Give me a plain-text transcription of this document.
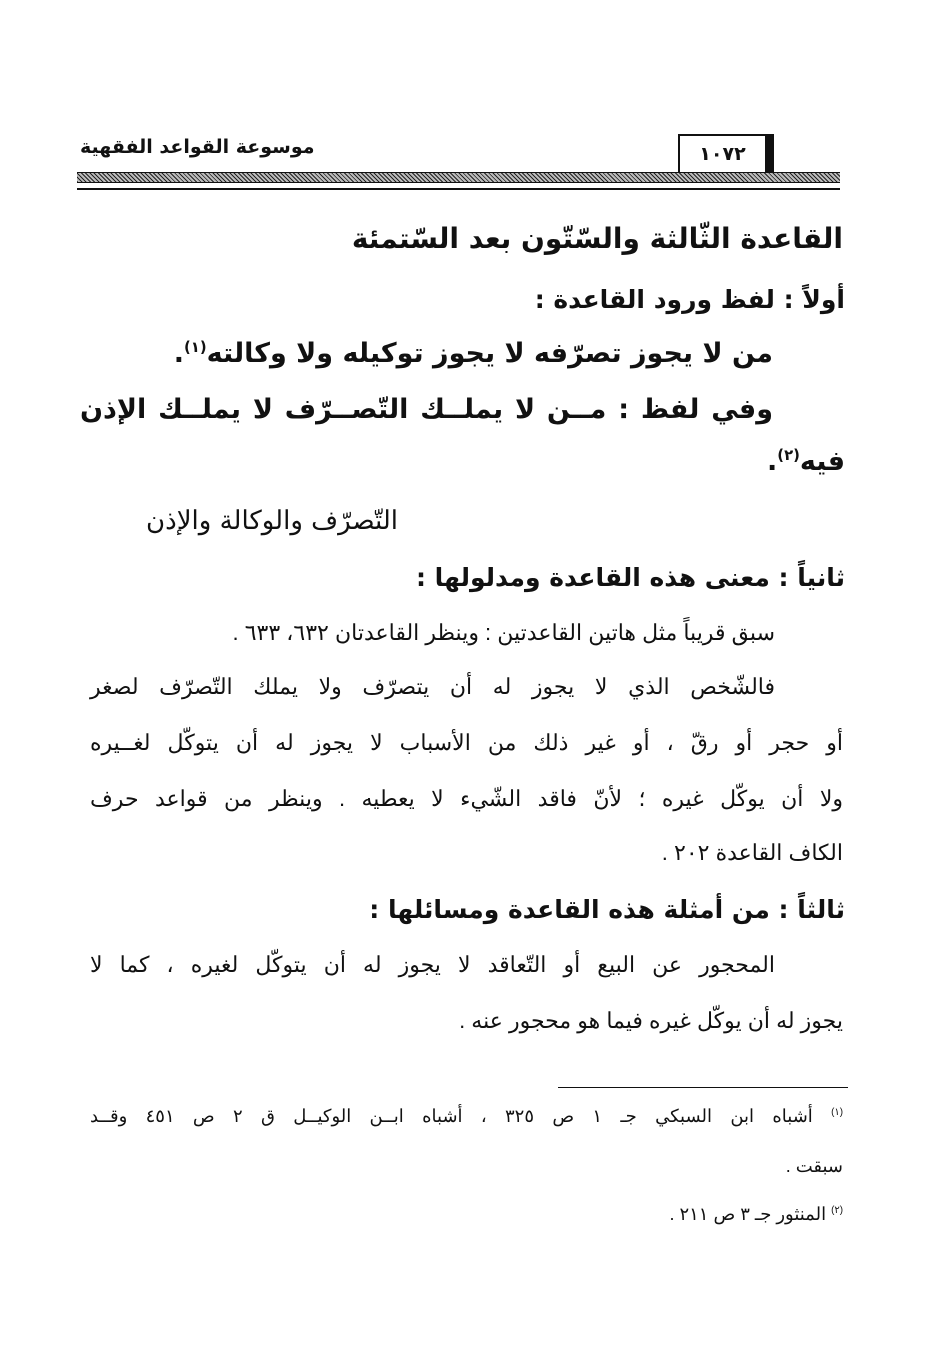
موسوعة القواعد الفقهية	١٠٧٢
القاعدة الثّالثة والسّتّون بعد السّتمئة
أولاً : لفظ ورود القاعدة :
من لا يجوز تصرّفه لا يجوز توكيله ولا وكالته$^{(١)}$.
وفي لفظ : مــن لا يملــك التّصــرّف لا يملــك الإذن
فيه$^{(٢)}$.
التّصرّف والوكالة والإذن
ثانياً : معنى هذه القاعدة ومدلولها :
سبق قريباً مثل هاتين القاعدتين : وينظر القاعدتان ٦٣٢، ٦٣٣ .
فالشّخص الذي لا يجوز له أن يتصرّف ولا يملك التّصرّف لصغر
أو حجر أو رقّ ، أو غير ذلك من الأسباب لا يجوز له أن يتوكّل لغــيره
ولا أن يوكّل غيره ؛ لأنّ فاقد الشّيء لا يعطيه . وينظر من قواعد حرف
الكاف القاعدة ٢٠٢ .
ثالثاً : من أمثلة هذه القاعدة ومسائلها :
المحجور عن البيع أو التّعاقد لا يجوز له أن يتوكّل لغيره ، كما لا
يجوز له أن يوكّل غيره فيما هو محجور عنه .
$^{(١)}$ أشباه ابن السبكي جـ ١ ص ٣٢٥ ، أشباه ابــن الوكيــل ق ٢ ص ٤٥١ وقــد
سبقت .
$^{(٢)}$ المنثور جـ ٣ ص ٢١١ .
